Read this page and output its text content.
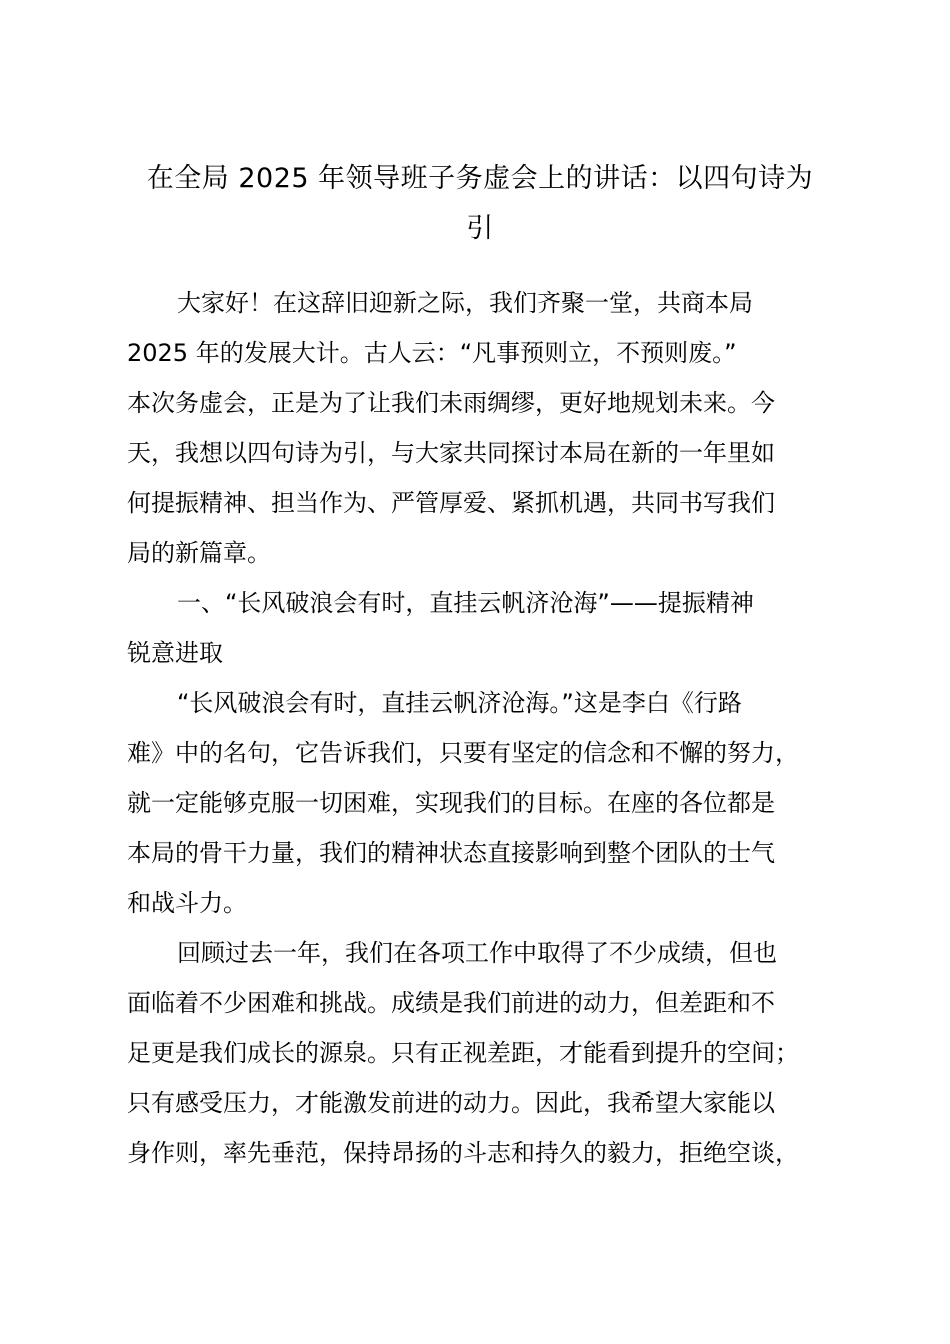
在全局 2025 年领导班子务虚会上的讲话：以四句诗为
引

大家好！在这辞旧迎新之际，我们齐聚一堂，共商本局

2025 年的发展大计。古人云：“凡事预则立，不预则废。”

本次务虚会，正是为了让我们未雨绸缪，更好地规划未来。今

天，我想以四句诗为引，与大家共同探讨本局在新的一年里如

何提振精神、担当作为、严管厚爱、紧抓机遇，共同书写我们

局的新篇章。

一、“长风破浪会有时，直挂云帆济沧海”——提振精神

锐意进取

“长风破浪会有时，直挂云帆济沧海。”这是李白《行路

难》中的名句，它告诉我们，只要有坚定的信念和不懈的努力，

就一定能够克服一切困难，实现我们的目标。在座的各位都是

本局的骨干力量，我们的精神状态直接影响到整个团队的士气

和战斗力。

回顾过去一年，我们在各项工作中取得了不少成绩，但也

面临着不少困难和挑战。成绩是我们前进的动力，但差距和不

足更是我们成长的源泉。只有正视差距，才能看到提升的空间；

只有感受压力，才能激发前进的动力。因此，我希望大家能以

身作则，率先垂范，保持昂扬的斗志和持久的毅力，拒绝空谈，
